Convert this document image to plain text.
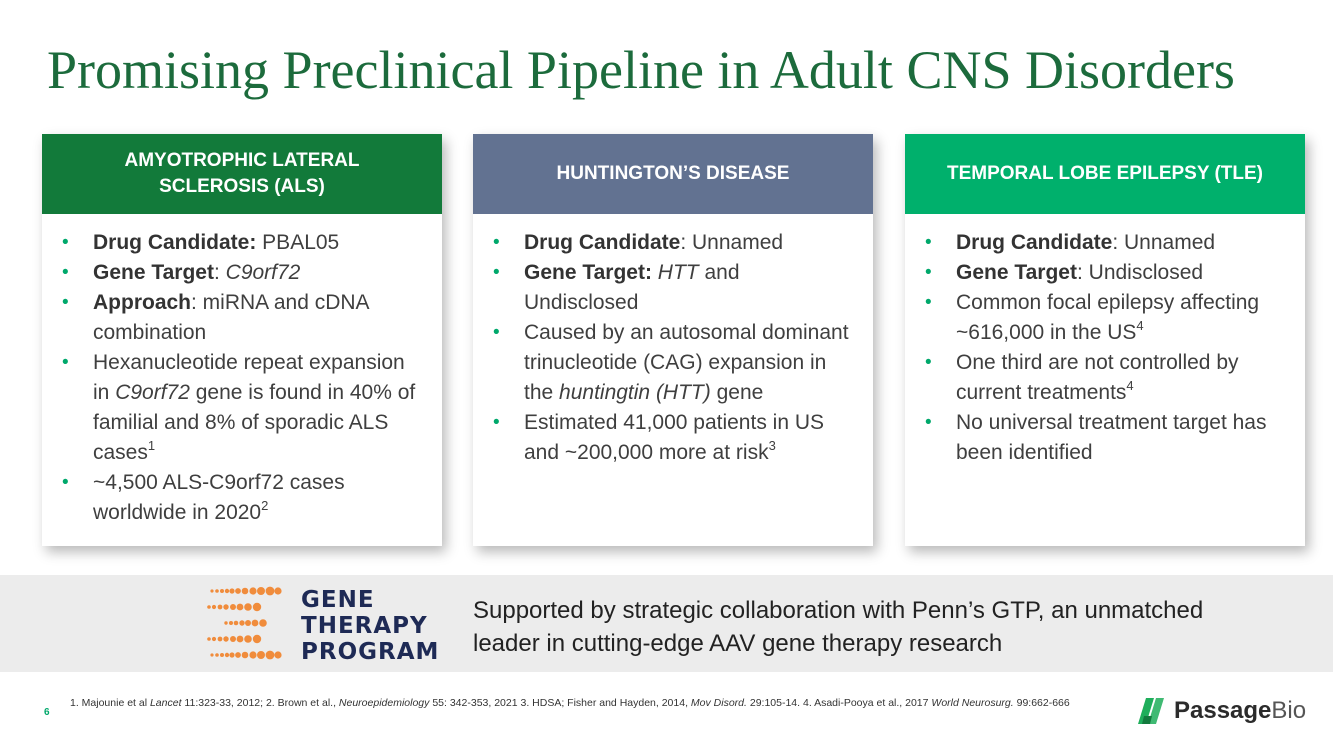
Promising Preclinical Pipeline in Adult CNS Disorders
AMYOTROPHIC LATERAL SCLEROSIS (ALS)
• Drug Candidate: PBAL05
• Gene Target: C9orf72
• Approach: miRNA and cDNA combination
• Hexanucleotide repeat expansion in C9orf72 gene is found in 40% of familial and 8% of sporadic ALS cases$^1$
• ~4,500 ALS-C9orf72 cases worldwide in 2020$^2$
HUNTINGTON’S DISEASE
• Drug Candidate: Unnamed
• Gene Target: HTT and Undisclosed
• Caused by an autosomal dominant trinucleotide (CAG) expansion in the huntingtin (HTT) gene
• Estimated 41,000 patients in US and ~200,000 more at risk$^3$
TEMPORAL LOBE EPILEPSY (TLE)
• Drug Candidate: Unnamed
• Gene Target: Undisclosed
• Common focal epilepsy affecting ~616,000 in the $US^4$
• One third are not controlled by current treatments$^4$
• No universal treatment target has been identified
GENE
THERAPY
PROGRAM
Supported by strategic collaboration with Penn’s GTP, an unmatched leader in cutting-edge AAV gene therapy research
6
1. Majounie et al Lancet 11:323-33, 2012; 2. Brown et al., Neuroepidemiology 55: 342-353, 2021 3. HDSA; Fisher and Hayden, 2014, Mov Disord. 29:105-14. 4. Asadi-Pooya et al., 2017 World Neurosurg. 99:662-666	PassageBio
